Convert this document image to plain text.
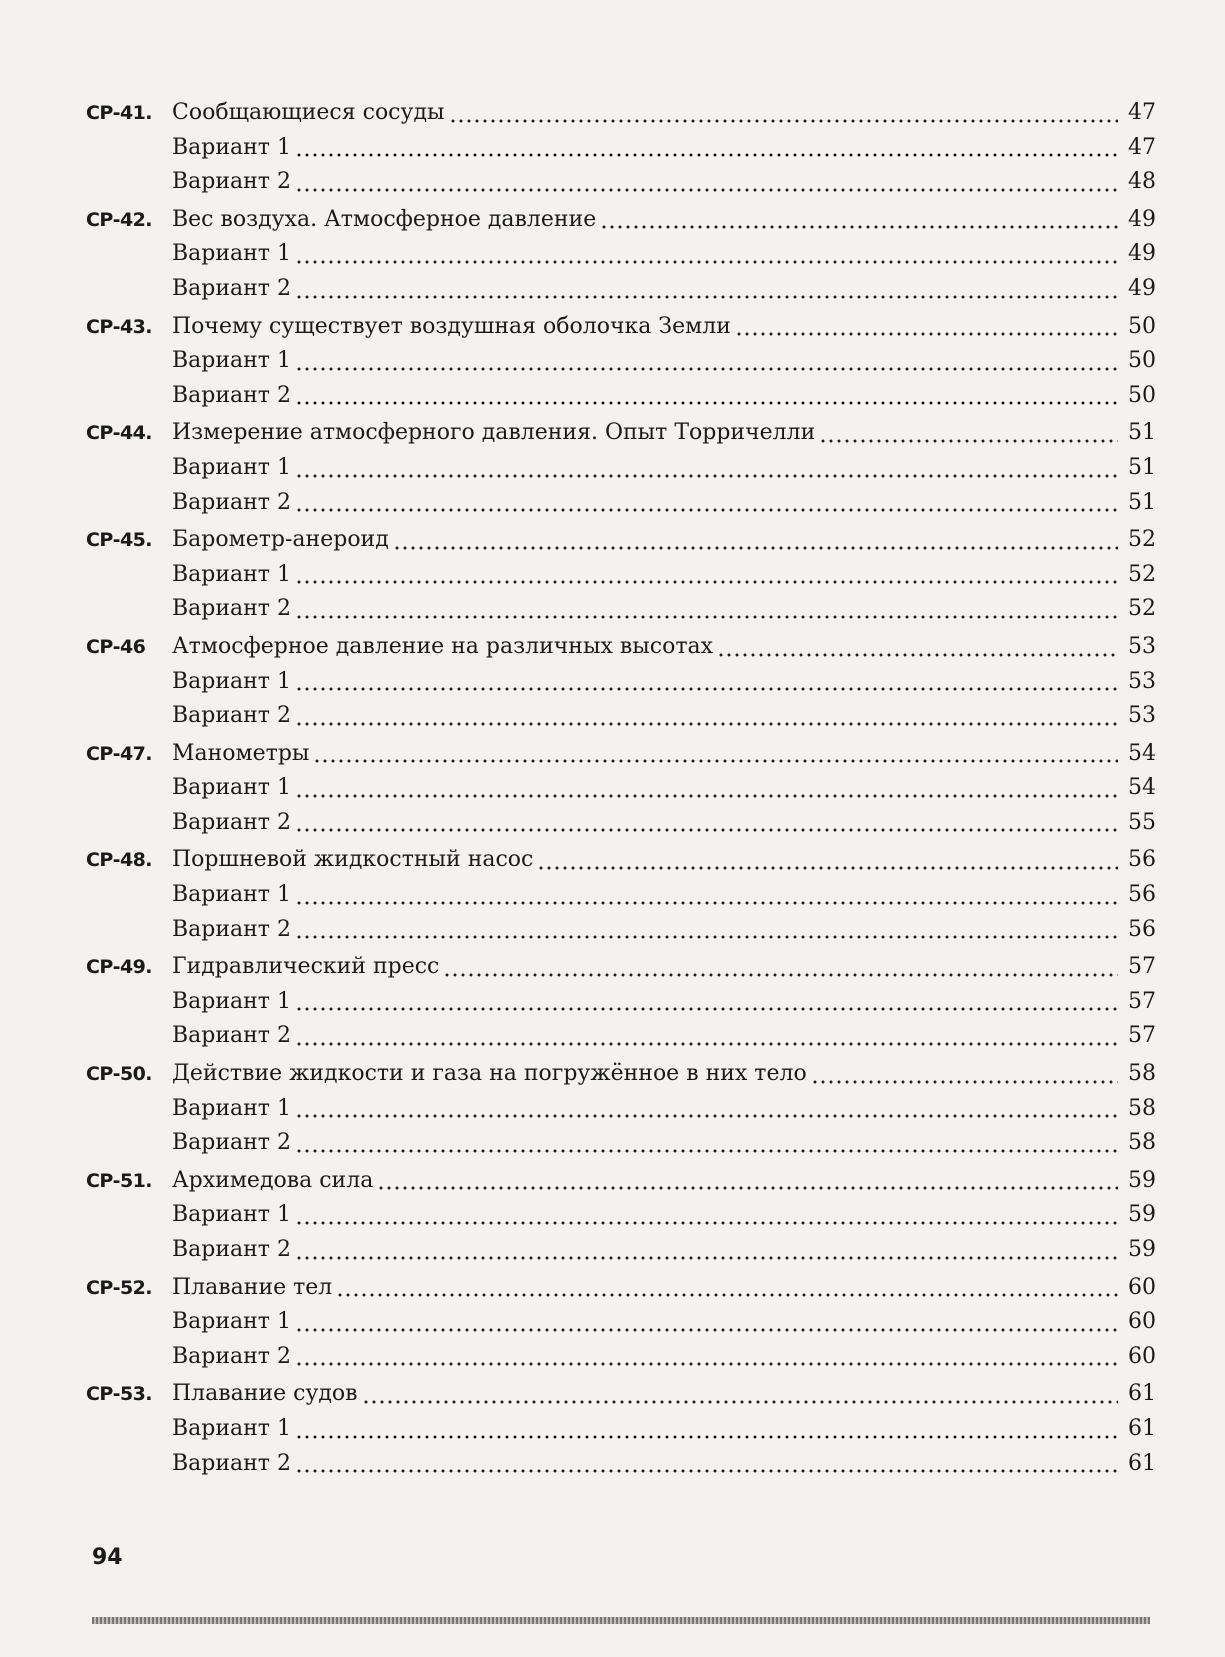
СР-41. Сообщающиеся сосуды	47
Вариант 1	47
Вариант 2	48
СР-42. Вес воздуха. Атмосферное давление	49
Вариант 1	49
Вариант 2	49
СР-43. Почему существует воздушная оболочка Земли	50
Вариант 1	50
Вариант 2	50
СР-44. Измерение атмосферного давления. Опыт Торричелли	51
Вариант 1	51
Вариант 2	51
СР-45. Барометр-анероид	52
Вариант 1	52
Вариант 2	52
СР-46	Атмосферное давление на различных высотах	53
Вариант 1	53
Вариант 2	53
СР-47. Манометры	54
Вариант 1	54
Вариант 2	55
СР-48. Поршневой жидкостный насос	56
Вариант 1	56
Вариант 2	56
СР-49. Гидравлический пресс	57
Вариант 1	57
Вариант 2	57
СР-50. Действие жидкости и газа на погружённое в них тело	58
Вариант 1	58
Вариант 2	58
СР-51. Архимедова сила	59
Вариант 1	59
Вариант 2	59
СР-52. Плавание тел	60
Вариант 1	60
Вариант 2	60
СР-53. Плавание судов	61
Вариант 1	61
Вариант 2	61
94
